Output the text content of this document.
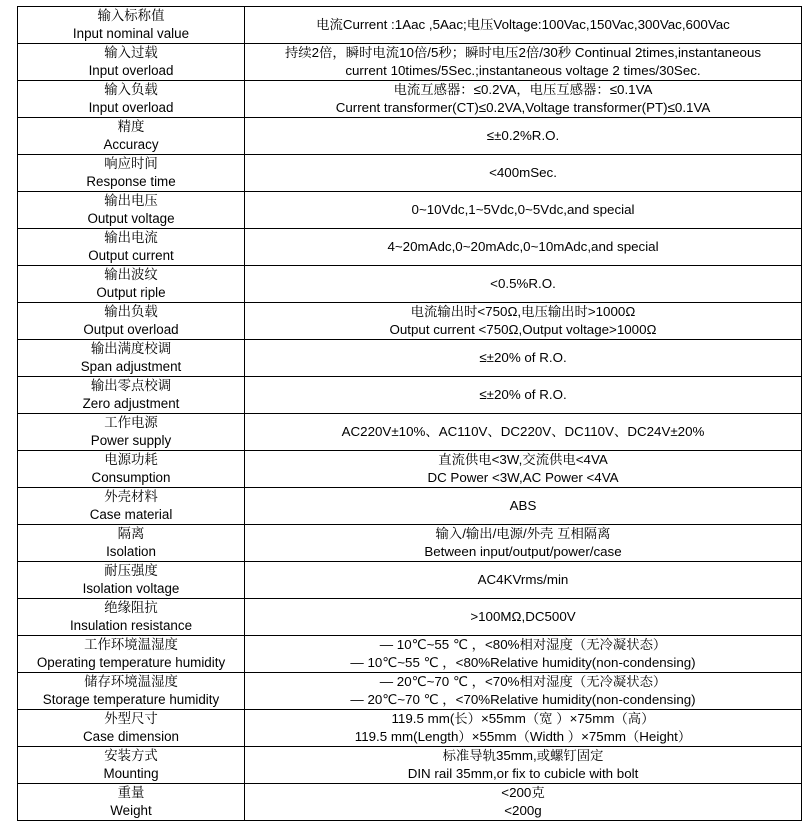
输入标称值
Input nominal value	电流Current :1Aac ,5Aac;电压Voltage:100Vac,150Vac,300Vac,600Vac

输入过载
Input overload	持续2倍，瞬时电流10倍/5秒；瞬时电压2倍/30秒 Continual 2times,instantaneous
current 10times/5Sec.;instantaneous voltage 2 times/30Sec.

输入负载
Input overload	电流互感器：≤0.2VA，电压互感器：≤0.1VA
Current transformer(CT)≤0.2VA,Voltage transformer(PT)≤0.1VA

精度
Accuracy	≤±0.2%R.O.

响应时间
Response time	<400mSec.

输出电压
Output voltage	0~10Vdc,1~5Vdc,0~5Vdc,and special

输出电流
Output current	4~20mAdc,0~20mAdc,0~10mAdc,and special

输出波纹
Output riple	<0.5%R.O.

输出负载
Output overload	电流输出时<750Ω,电压输出时>1000Ω
Output current <750Ω,Output voltage>1000Ω

输出满度校调
Span adjustment	≤±20% of R.O.

输出零点校调
Zero adjustment	≤±20% of R.O.

工作电源
Power supply	AC220V±10%、AC110V、DC220V、DC110V、DC24V±20%

电源功耗
Consumption	直流供电<3W,交流供电<4VA
DC Power <3W,AC Power <4VA

外壳材料
Case material	ABS

隔离
Isolation	输入/输出/电源/外壳 互相隔离
Between input/output/power/case

耐压强度
Isolation voltage	AC4KVrms/min

绝缘阻抗
Insulation resistance	>100MΩ,DC500V

工作环境温湿度
Operating temperature humidity	— 10℃~55 ℃ ，<80%相对湿度（无冷凝状态）
— 10℃~55 ℃ ，<80%Relative humidity(non-condensing)

储存环境温湿度
Storage temperature humidity	— 20℃~70 ℃ ，<70%相对湿度（无冷凝状态）
— 20℃~70 ℃ ，<70%Relative humidity(non-condensing)

外型尺寸
Case dimension	119.5 mm(长）×55mm（宽 ）×75mm（高）
119.5 mm(Length）×55mm（Width ）×75mm（Height）

安装方式
Mounting	标准导轨35mm,或螺钉固定
DIN rail 35mm,or fix to cubicle with bolt

重量
Weight	<200克
<200g
